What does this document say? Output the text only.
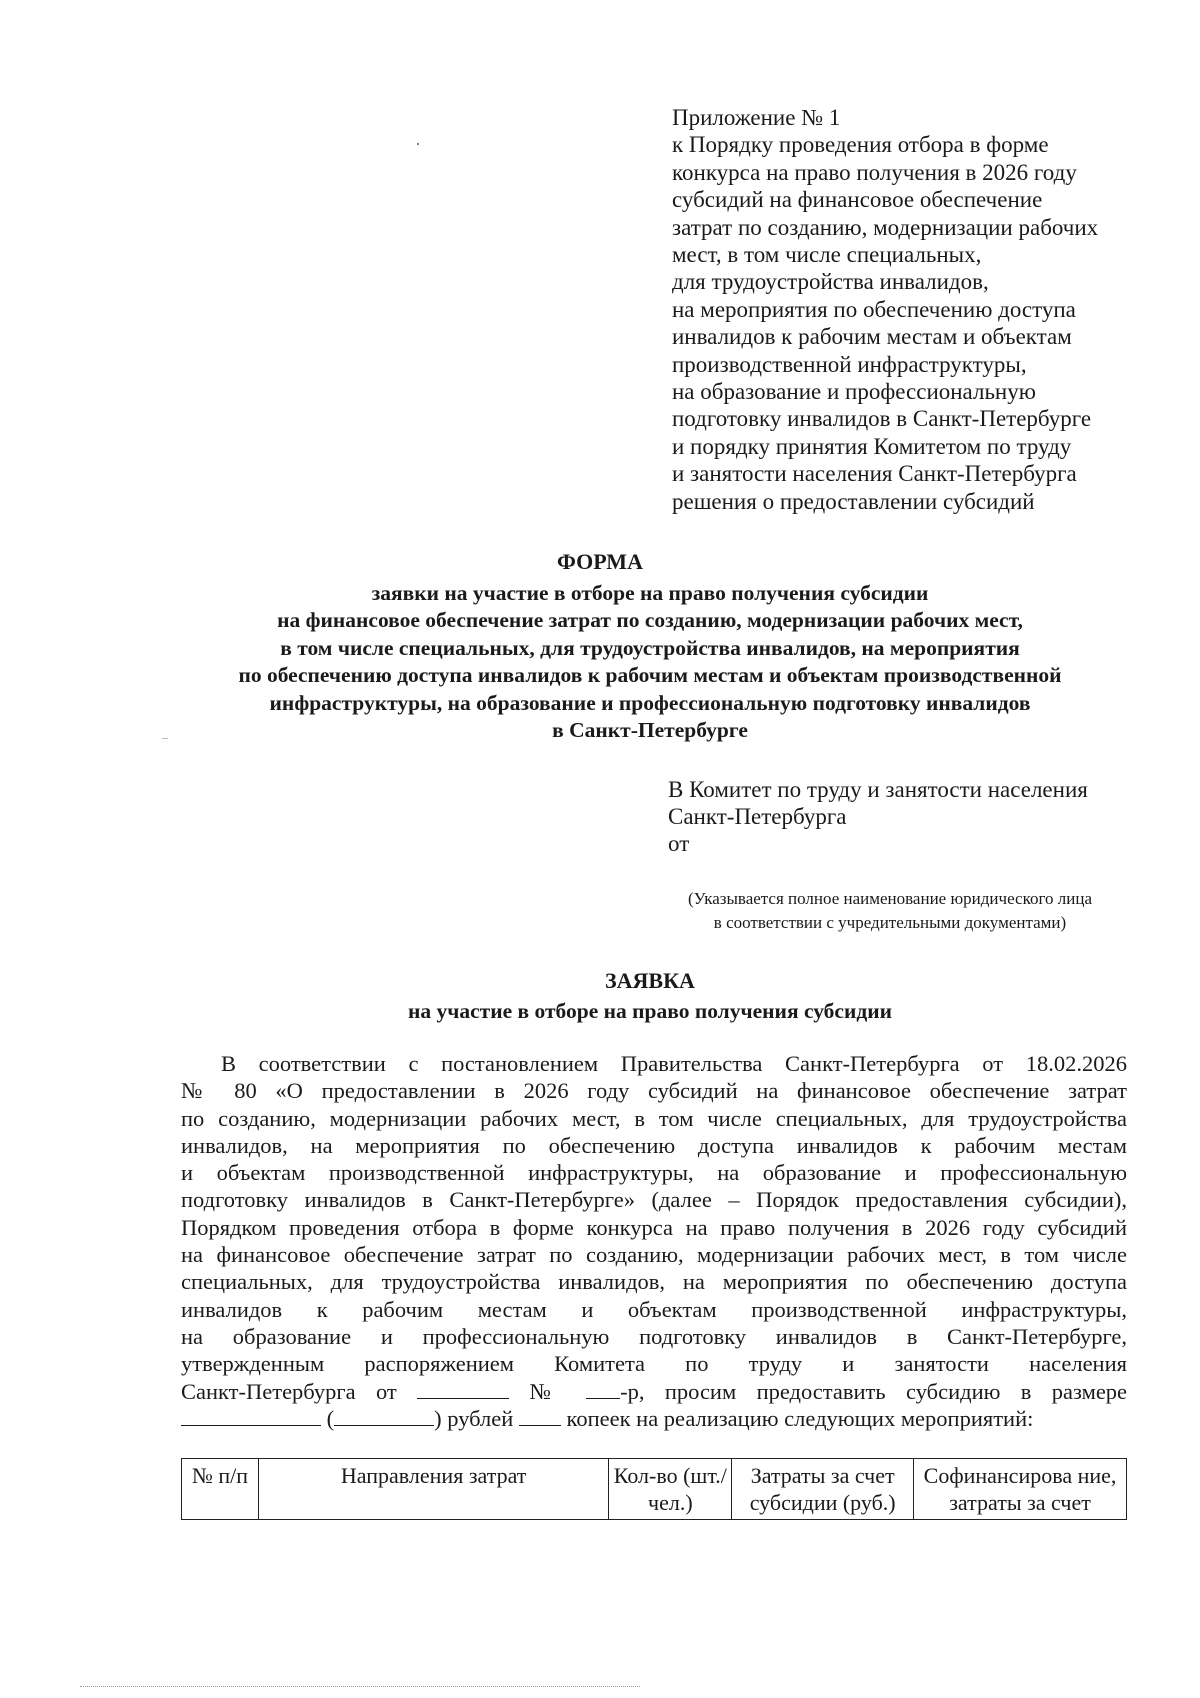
Приложение № 1
к Порядку проведения отбора в форме
конкурса на право получения в 2026 году
субсидий на финансовое обеспечение
затрат по созданию, модернизации рабочих
мест, в том числе специальных,
для трудоустройства инвалидов,
на мероприятия по обеспечению доступа
инвалидов к рабочим местам и объектам
производственной инфраструктуры,
на образование и профессиональную
подготовку инвалидов в Санкт-Петербурге
и порядку принятия Комитетом по труду
и занятости населения Санкт-Петербурга
решения о предоставлении субсидий
ФОРМА
заявки на участие в отборе на право получения субсидии
на финансовое обеспечение затрат по созданию, модернизации рабочих мест,
в том числе специальных, для трудоустройства инвалидов, на мероприятия
по обеспечению доступа инвалидов к рабочим местам и объектам производственной
инфраструктуры, на образование и профессиональную подготовку инвалидов
в Санкт-Петербурге
В Комитет по труду и занятости населения
Санкт-Петербурга
от
(Указывается полное наименование юридического лица
в соответствии с учредительными документами)
ЗАЯВКА
на участие в отборе на право получения субсидии
В соответствии с постановлением Правительства Санкт-Петербурга от 18.02.2026
№ 80 «О предоставлении в 2026 году субсидий на финансовое обеспечение затрат
по созданию, модернизации рабочих мест, в том числе специальных, для трудоустройства
инвалидов, на мероприятия по обеспечению доступа инвалидов к рабочим местам
и объектам производственной инфраструктуры, на образование и профессиональную
подготовку инвалидов в Санкт-Петербурге» (далее – Порядок предоставления субсидии),
Порядком проведения отбора в форме конкурса на право получения в 2026 году субсидий
на финансовое обеспечение затрат по созданию, модернизации рабочих мест, в том числе
специальных, для трудоустройства инвалидов, на мероприятия по обеспечению доступа
инвалидов к рабочим местам и объектам производственной инфраструктуры,
на образование и профессиональную подготовку инвалидов в Санкт-Петербурге,
утвержденным распоряжением Комитета по труду и занятости населения
Санкт-Петербурга от	№ -р, просим предоставить субсидию в размере
(	) рублей копеек на реализацию следующих мероприятий:
№ п/п	Направления затрат	Кол-во (шт./чел.)	Затраты за счет субсидии (руб.)	Софинансирова ние, затраты за счет
